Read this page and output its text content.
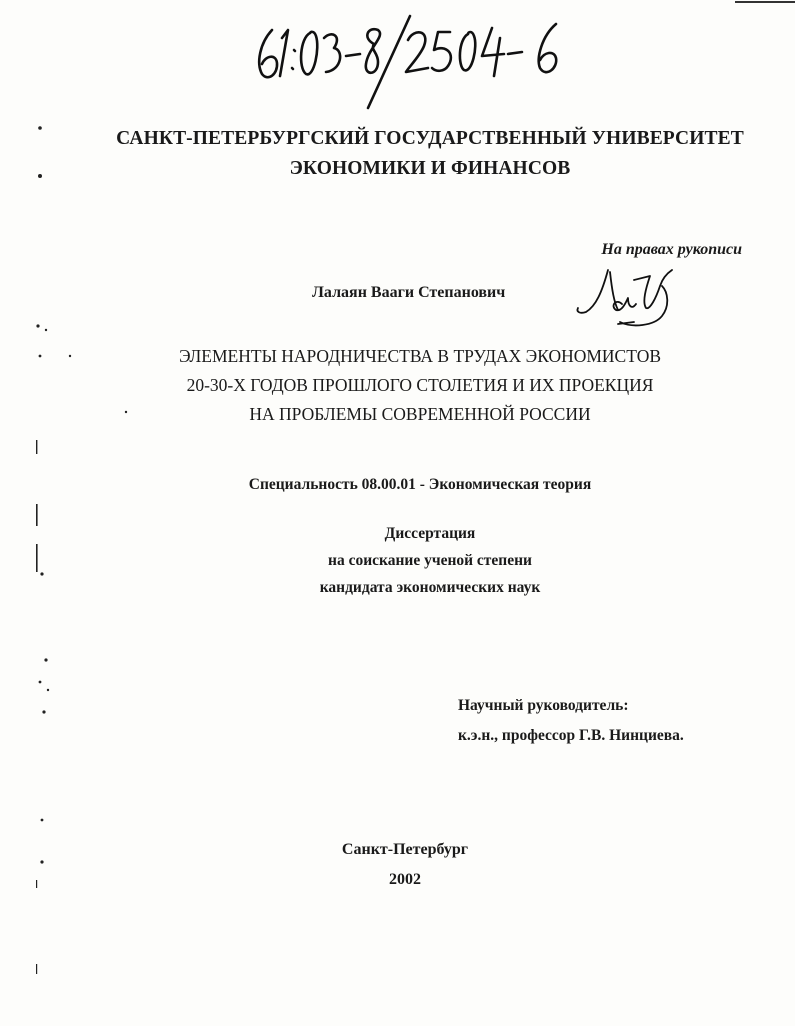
САНКТ-ПЕТЕРБУРГСКИЙ ГОСУДАРСТВЕННЫЙ УНИВЕРСИТЕТ
ЭКОНОМИКИ И ФИНАНСОВ
На правах рукописи
Лалаян Вааги Степанович
ЭЛЕМЕНТЫ НАРОДНИЧЕСТВА В ТРУДАХ ЭКОНОМИСТОВ
20-30-Х ГОДОВ ПРОШЛОГО СТОЛЕТИЯ И ИХ ПРОЕКЦИЯ
НА ПРОБЛЕМЫ СОВРЕМЕННОЙ РОССИИ
Специальность 08.00.01 - Экономическая теория
Диссертация
на соискание ученой степени
кандидата экономических наук
Научный руководитель:
к.э.н., профессор Г.В. Нинциева.
Санкт-Петербург
2002
